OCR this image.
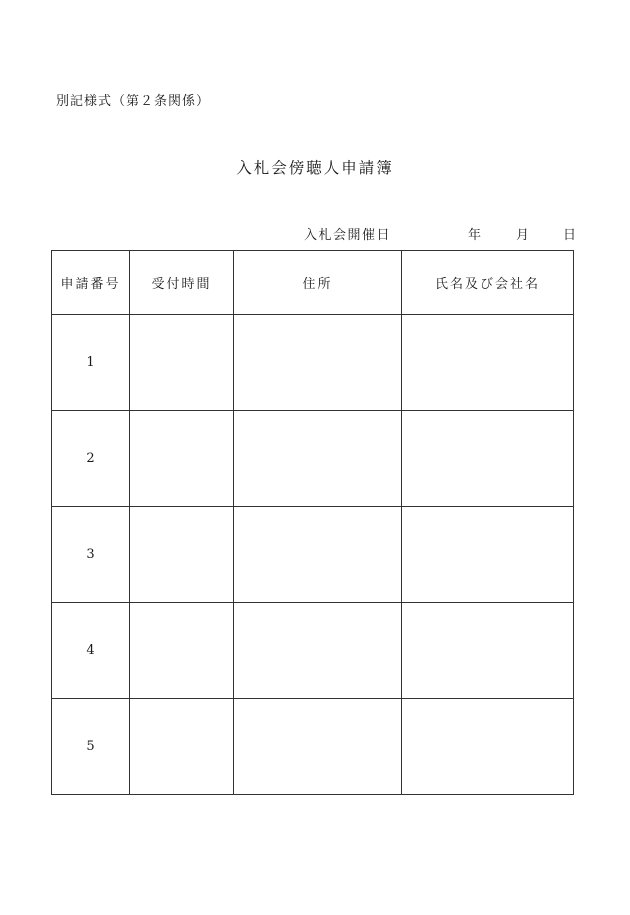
別記様式（第２条関係）
入札会傍聴人申請簿
入札会開催日	年	月	日
申請番号	受付時間	住所	氏名及び会社名
1			
2			
3			
4			
5			
